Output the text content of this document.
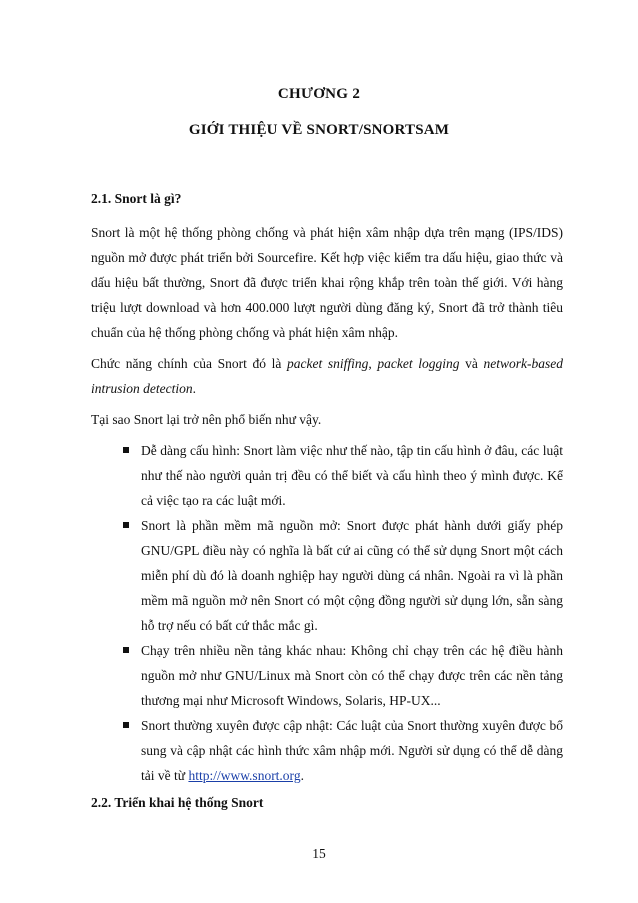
CHƯƠNG 2
GIỚI THIỆU VỀ SNORT/SNORTSAM
2.1. Snort là gì?

Snort là một hệ thống phòng chống và phát hiện xâm nhập dựa trên mạng (IPS/IDS) nguồn mở được phát triển bởi Sourcefire. Kết hợp việc kiểm tra dấu hiệu, giao thức và dấu hiệu bất thường, Snort đã được triển khai rộng khắp trên toàn thế giới. Với hàng triệu lượt download và hơn 400.000 lượt người dùng đăng ký, Snort đã trở thành tiêu chuẩn của hệ thống phòng chống và phát hiện xâm nhập.

Chức năng chính của Snort đó là packet sniffing, packet logging và network-based intrusion detection.

Tại sao Snort lại trở nên phổ biến như vậy.

Dễ dàng cấu hình: Snort làm việc như thế nào, tập tin cấu hình ở đâu, các luật như thế nào người quản trị đều có thể biết và cấu hình theo ý mình được. Kể cả việc tạo ra các luật mới.
Snort là phần mềm mã nguồn mở: Snort được phát hành dưới giấy phép GNU/GPL điều này có nghĩa là bất cứ ai cũng có thể sử dụng Snort một cách miễn phí dù đó là doanh nghiệp hay người dùng cá nhân. Ngoài ra vì là phần mềm mã nguồn mở nên Snort có một cộng đồng người sử dụng lớn, sẵn sàng hỗ trợ nếu có bất cứ thắc mắc gì.
Chạy trên nhiều nền tảng khác nhau: Không chỉ chạy trên các hệ điều hành nguồn mở như GNU/Linux mà Snort còn có thể chạy được trên các nền tảng thương mại như Microsoft Windows, Solaris, HP-UX...
Snort thường xuyên được cập nhật: Các luật của Snort thường xuyên được bổ sung và cập nhật các hình thức xâm nhập mới. Người sử dụng có thể dễ dàng tải về từ http://www.snort.org.
2.2. Triển khai hệ thống Snort
15
